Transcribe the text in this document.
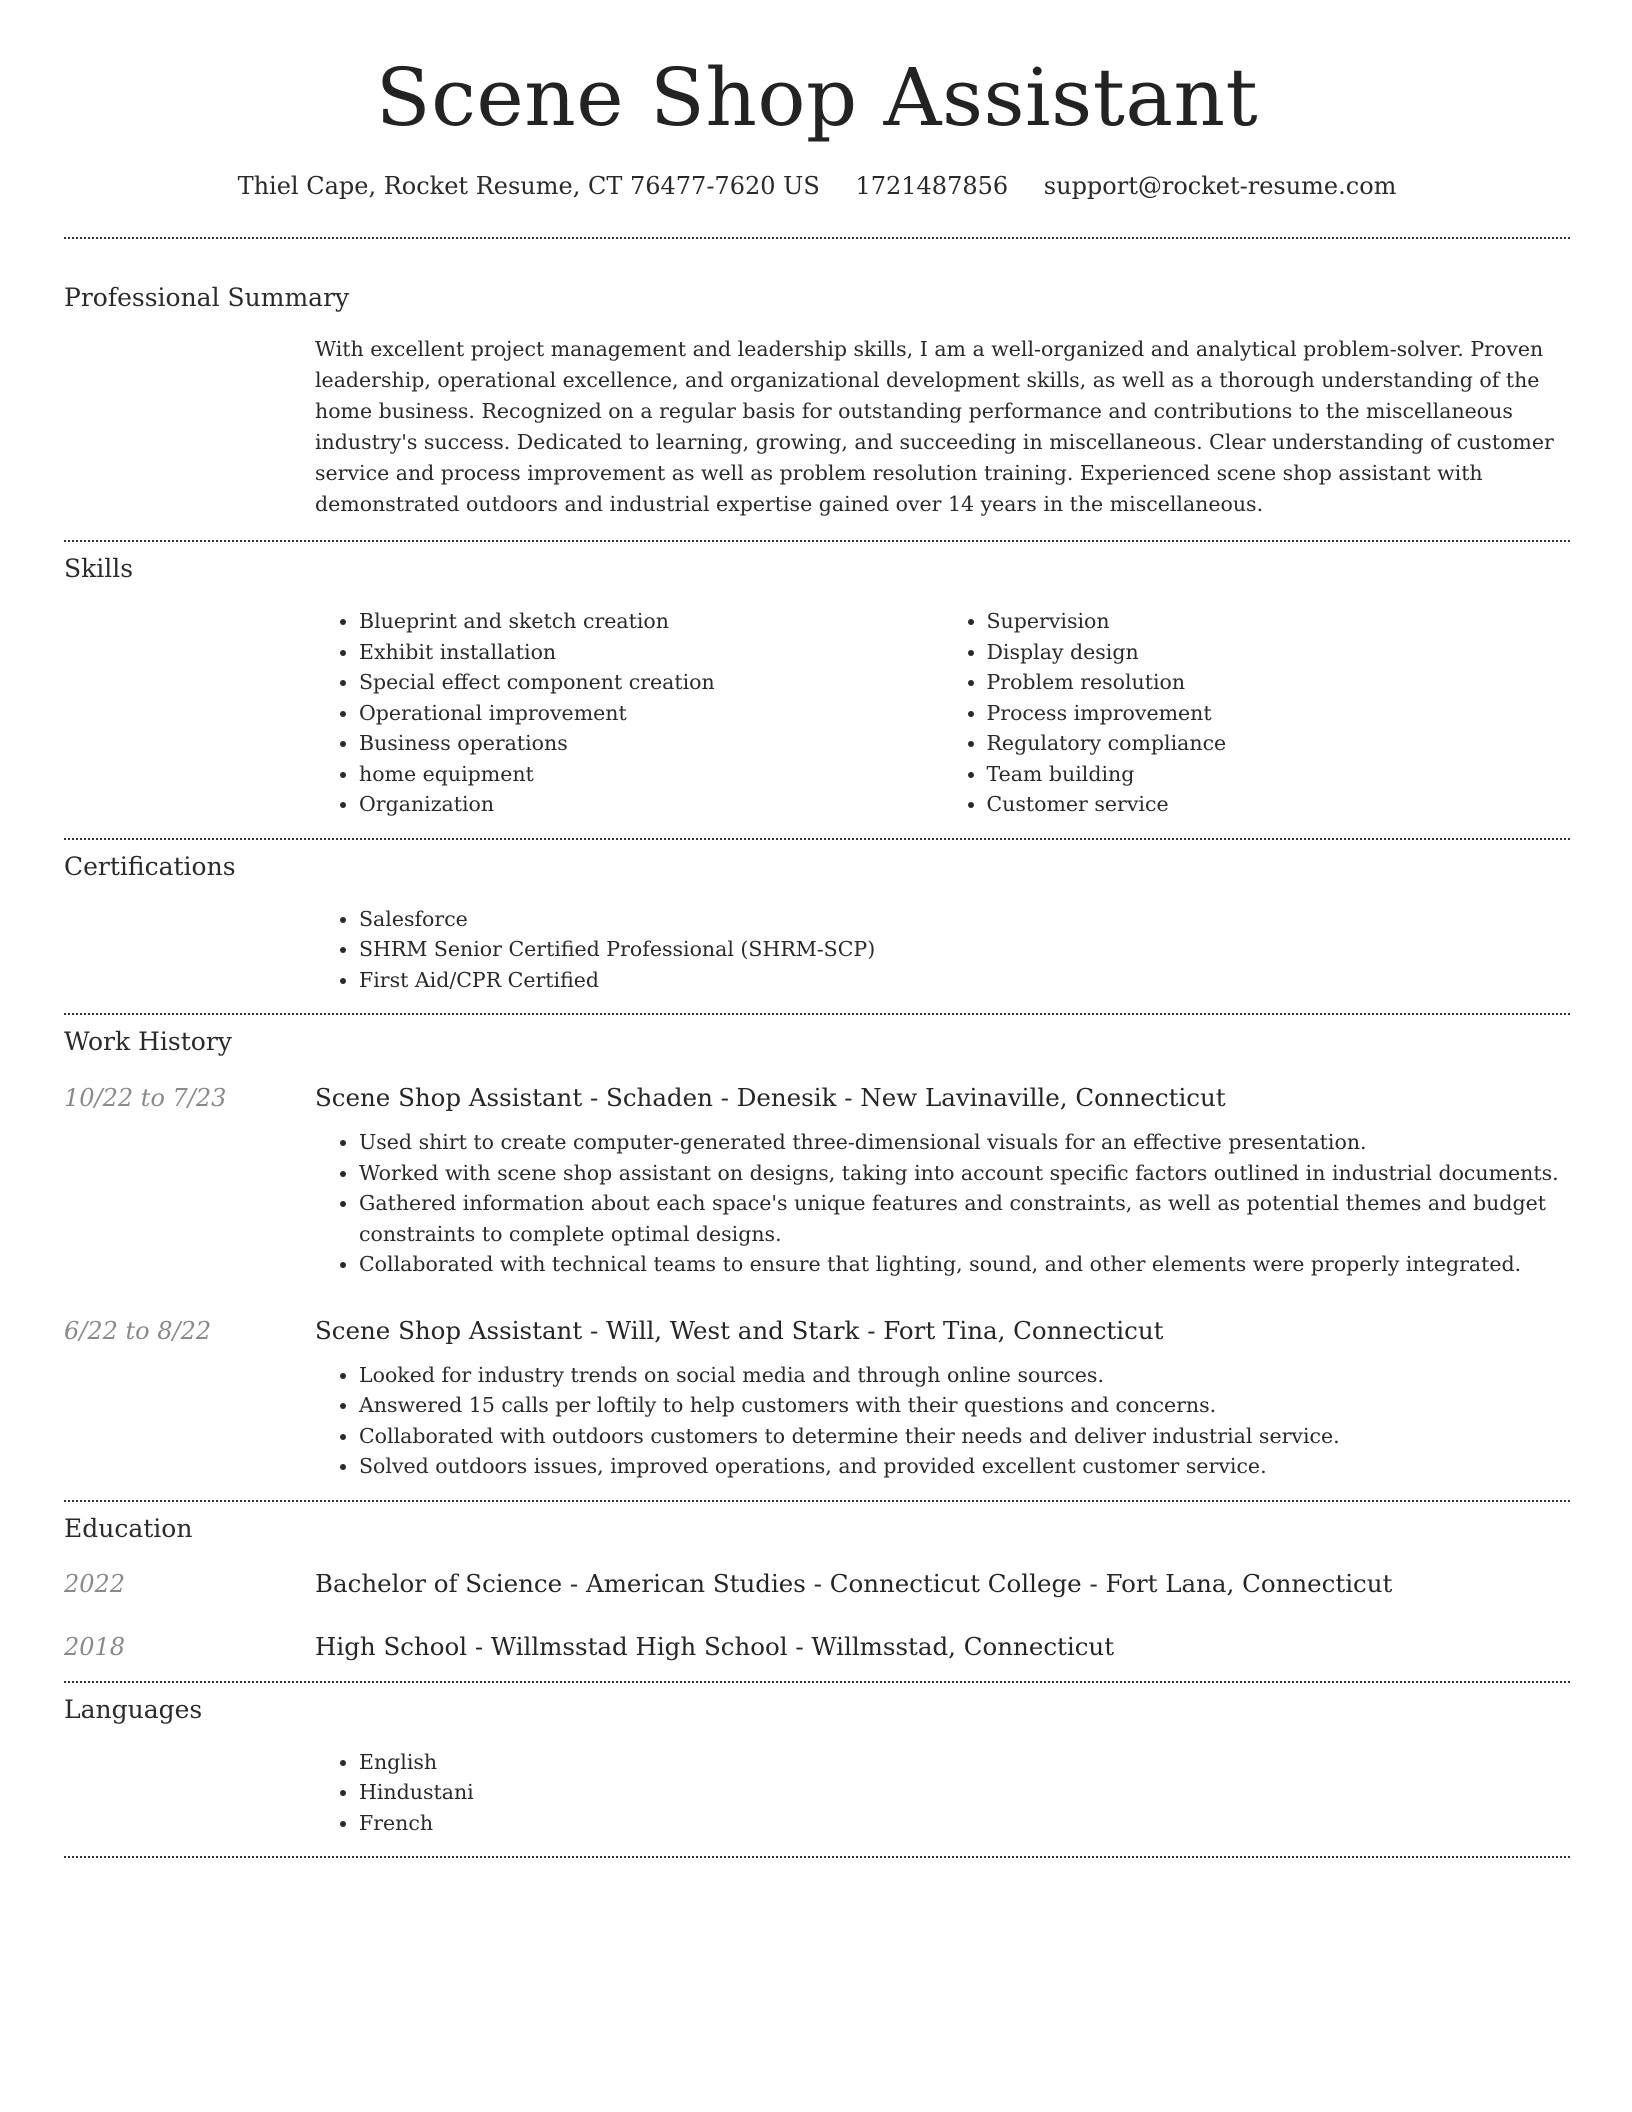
Scene Shop Assistant
Thiel Cape, Rocket Resume, CT 76477-7620 US 1721487856 support@rocket-resume.com
Professional Summary
With excellent project management and leadership skills, I am a well-organized and analytical problem-solver. Proven leadership, operational excellence, and organizational development skills, as well as a thorough understanding of the home business. Recognized on a regular basis for outstanding performance and contributions to the miscellaneous industry's success. Dedicated to learning, growing, and succeeding in miscellaneous. Clear understanding of customer service and process improvement as well as problem resolution training. Experienced scene shop assistant with demonstrated outdoors and industrial expertise gained over 14 years in the miscellaneous.
Skills
• Blueprint and sketch creation
• Exhibit installation
• Special effect component creation
• Operational improvement
• Business operations
• home equipment
• Organization
• Supervision
• Display design
• Problem resolution
• Process improvement
• Regulatory compliance
• Team building
• Customer service
Certifications
• Salesforce
• SHRM Senior Certified Professional (SHRM-SCP)
• First Aid/CPR Certified
Work History
10/22 to 7/23	Scene Shop Assistant - Schaden - Denesik - New Lavinaville, Connecticut
• Used shirt to create computer-generated three-dimensional visuals for an effective presentation.
• Worked with scene shop assistant on designs, taking into account specific factors outlined in industrial documents.
• Gathered information about each space's unique features and constraints, as well as potential themes and budget constraints to complete optimal designs.
• Collaborated with technical teams to ensure that lighting, sound, and other elements were properly integrated.
6/22 to 8/22	Scene Shop Assistant - Will, West and Stark - Fort Tina, Connecticut
• Looked for industry trends on social media and through online sources.
• Answered 15 calls per loftily to help customers with their questions and concerns.
• Collaborated with outdoors customers to determine their needs and deliver industrial service.
• Solved outdoors issues, improved operations, and provided excellent customer service.
Education
2022	Bachelor of Science - American Studies - Connecticut College - Fort Lana, Connecticut
2018	High School - Willmsstad High School - Willmsstad, Connecticut
Languages
• English
• Hindustani
• French
